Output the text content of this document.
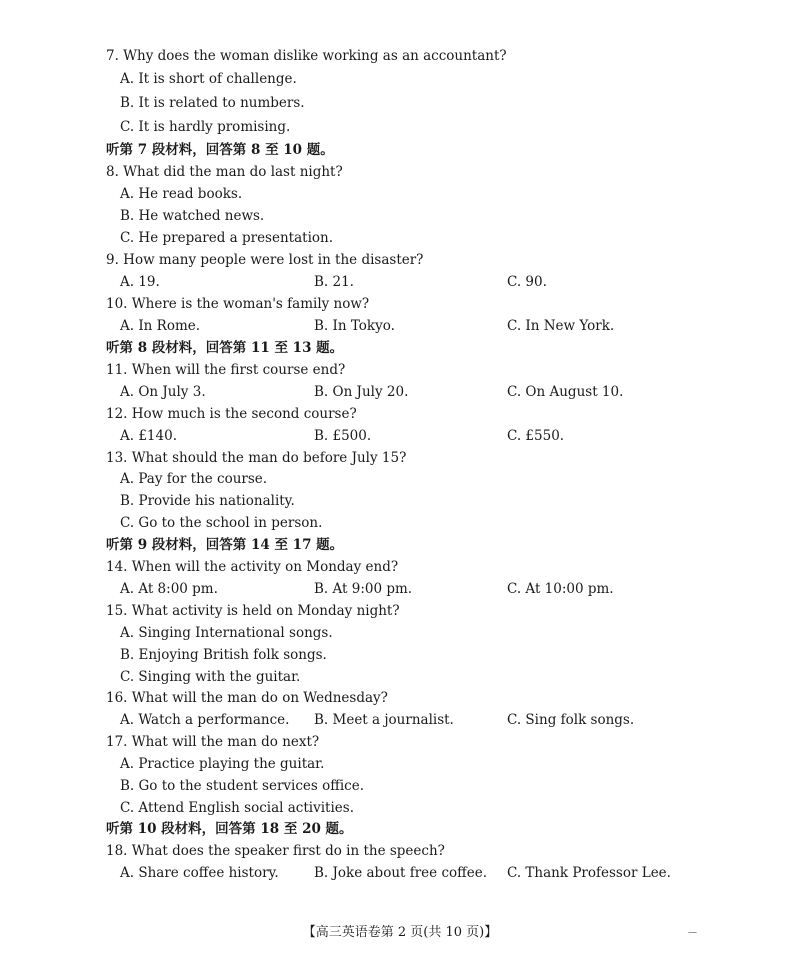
7. Why does the woman dislike working as an accountant?
A. It is short of challenge.
B. It is related to numbers.
C. It is hardly promising.
听第 7 段材料，回答第 8 至 10 题。
8. What did the man do last night?
A. He read books.
B. He watched news.
C. He prepared a presentation.
9. How many people were lost in the disaster?
A. 19.	B. 21.	C. 90.
10. Where is the woman's family now?
A. In Rome.	B. In Tokyo.	C. In New York.
听第 8 段材料，回答第 11 至 13 题。
11. When will the first course end?
A. On July 3.	B. On July 20.	C. On August 10.
12. How much is the second course?
A. £140.	B. £500.	C. £550.
13. What should the man do before July 15?
A. Pay for the course.
B. Provide his nationality.
C. Go to the school in person.
听第 9 段材料，回答第 14 至 17 题。
14. When will the activity on Monday end?
A. At 8:00 pm.	B. At 9:00 pm.	C. At 10:00 pm.
15. What activity is held on Monday night?
A. Singing International songs.
B. Enjoying British folk songs.
C. Singing with the guitar.
16. What will the man do on Wednesday?
A. Watch a performance. B. Meet a journalist.	C. Sing folk songs.
17. What will the man do next?
A. Practice playing the guitar.
B. Go to the student services office.
C. Attend English social activities.
听第 10 段材料，回答第 18 至 20 题。
18. What does the speaker first do in the speech?
A. Share coffee history.	B. Joke about free coffee. C. Thank Professor Lee.
【高三英语卷第 2 页(共 10 页)】	—
